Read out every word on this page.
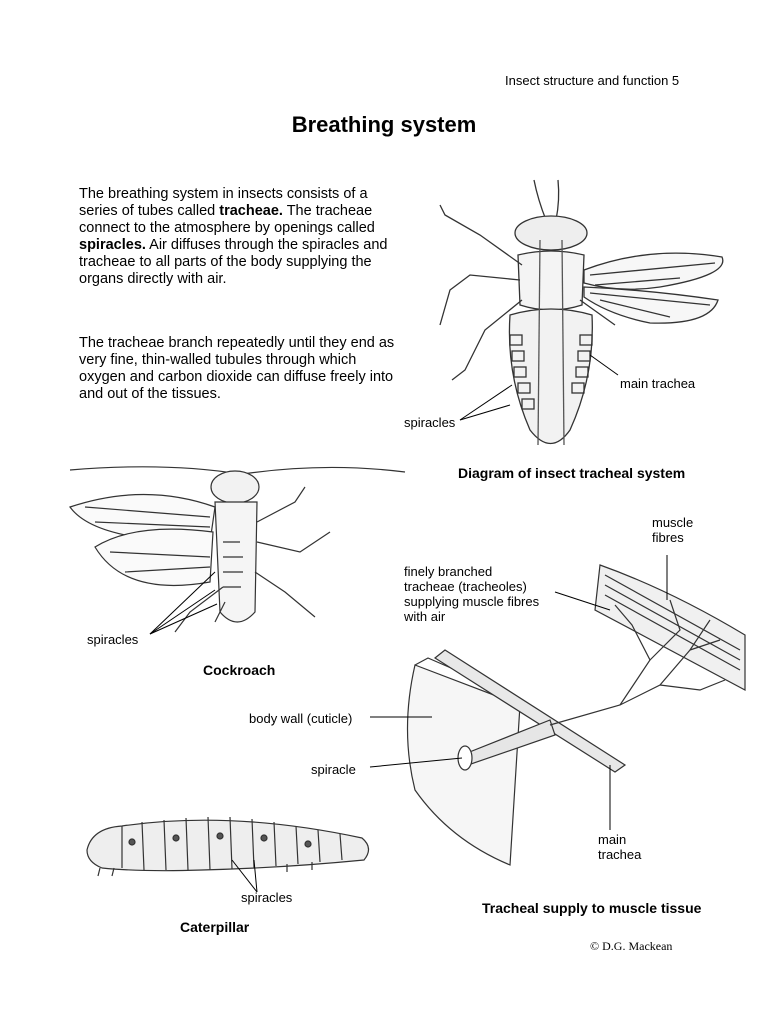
Insect structure and function 5
Breathing system
The breathing system in insects consists of a series of tubes called tracheae. The tracheae connect to the atmosphere by openings called spiracles. Air diffuses through the spiracles and tracheae to all parts of the body supplying the organs directly with air.
The tracheae branch repeatedly until they end as very fine, thin-walled tubules through which oxygen and carbon dioxide can diffuse freely into and out of the tissues.
main trachea
spiracles
Diagram of insect tracheal system
spiracles
Cockroach
muscle
fibres
finely branched
tracheae (tracheoles)
supplying muscle fibres
with air
body wall (cuticle)
spiracle
main
trachea
Tracheal supply to muscle tissue
spiracles
Caterpillar
© D.G. Mackean
